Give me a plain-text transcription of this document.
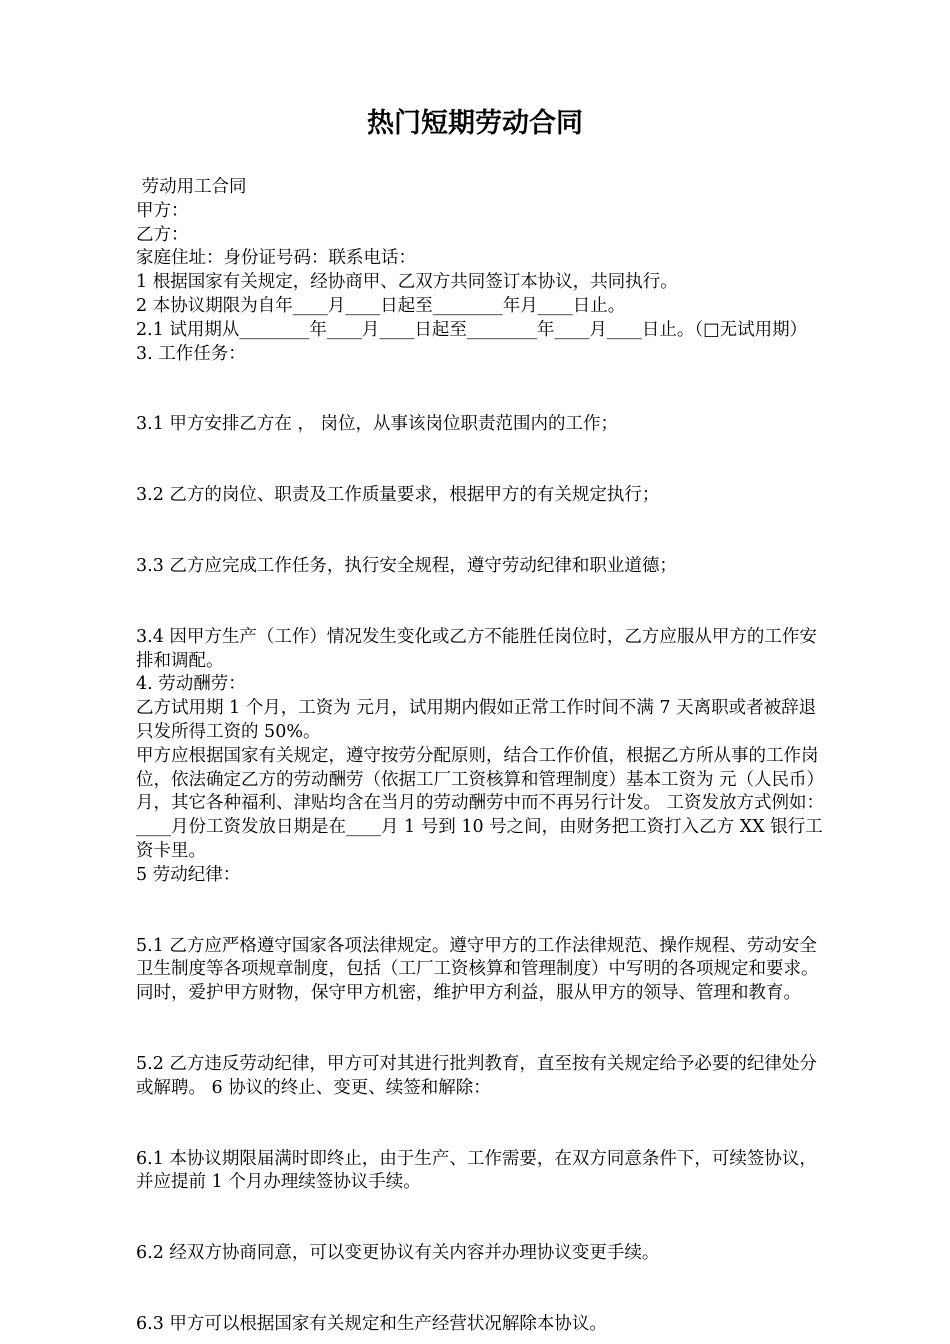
热门短期劳动合同

劳动用工合同

甲方：

乙方：

家庭住址：身份证号码：联系电话：

1 根据国家有关规定，经协商甲、乙双方共同签订本协议，共同执行。

2 本协议期限为自年____月____日起至________年月____日止。

2.1 试用期从________年____月____日起至________年____月____日止。（□无试用期）

3. 工作任务：

3.1 甲方安排乙方在 ， 岗位，从事该岗位职责范围内的工作；

3.2 乙方的岗位、职责及工作质量要求，根据甲方的有关规定执行；

3.3 乙方应完成工作任务，执行安全规程，遵守劳动纪律和职业道德；

3.4 因甲方生产（工作）情况发生变化或乙方不能胜任岗位时，乙方应服从甲方的工作安排和调配。

4. 劳动酬劳：

乙方试用期 1 个月，工资为 元月，试用期内假如正常工作时间不满 7 天离职或者被辞退只发所得工资的 50%。

甲方应根据国家有关规定，遵守按劳分配原则，结合工作价值，根据乙方所从事的工作岗位，依法确定乙方的劳动酬劳（依据工厂工资核算和管理制度）基本工资为 元（人民币）月，其它各种福利、津贴均含在当月的劳动酬劳中而不再另行计发。 工资发放方式例如：____月份工资发放日期是在____月 1 号到 10 号之间，由财务把工资打入乙方 XX 银行工资卡里。

5 劳动纪律：

5.1 乙方应严格遵守国家各项法律规定。遵守甲方的工作法律规范、操作规程、劳动安全卫生制度等各项规章制度，包括（工厂工资核算和管理制度）中写明的各项规定和要求。同时，爱护甲方财物，保守甲方机密，维护甲方利益，服从甲方的领导、管理和教育。

5.2 乙方违反劳动纪律，甲方可对其进行批判教育，直至按有关规定给予必要的纪律处分或解聘。 6 协议的终止、变更、续签和解除：

6.1 本协议期限届满时即终止，由于生产、工作需要，在双方同意条件下，可续签协议，并应提前 1 个月办理续签协议手续。

6.2 经双方协商同意，可以变更协议有关内容并办理协议变更手续。

6.3 甲方可以根据国家有关规定和生产经营状况解除本协议。
